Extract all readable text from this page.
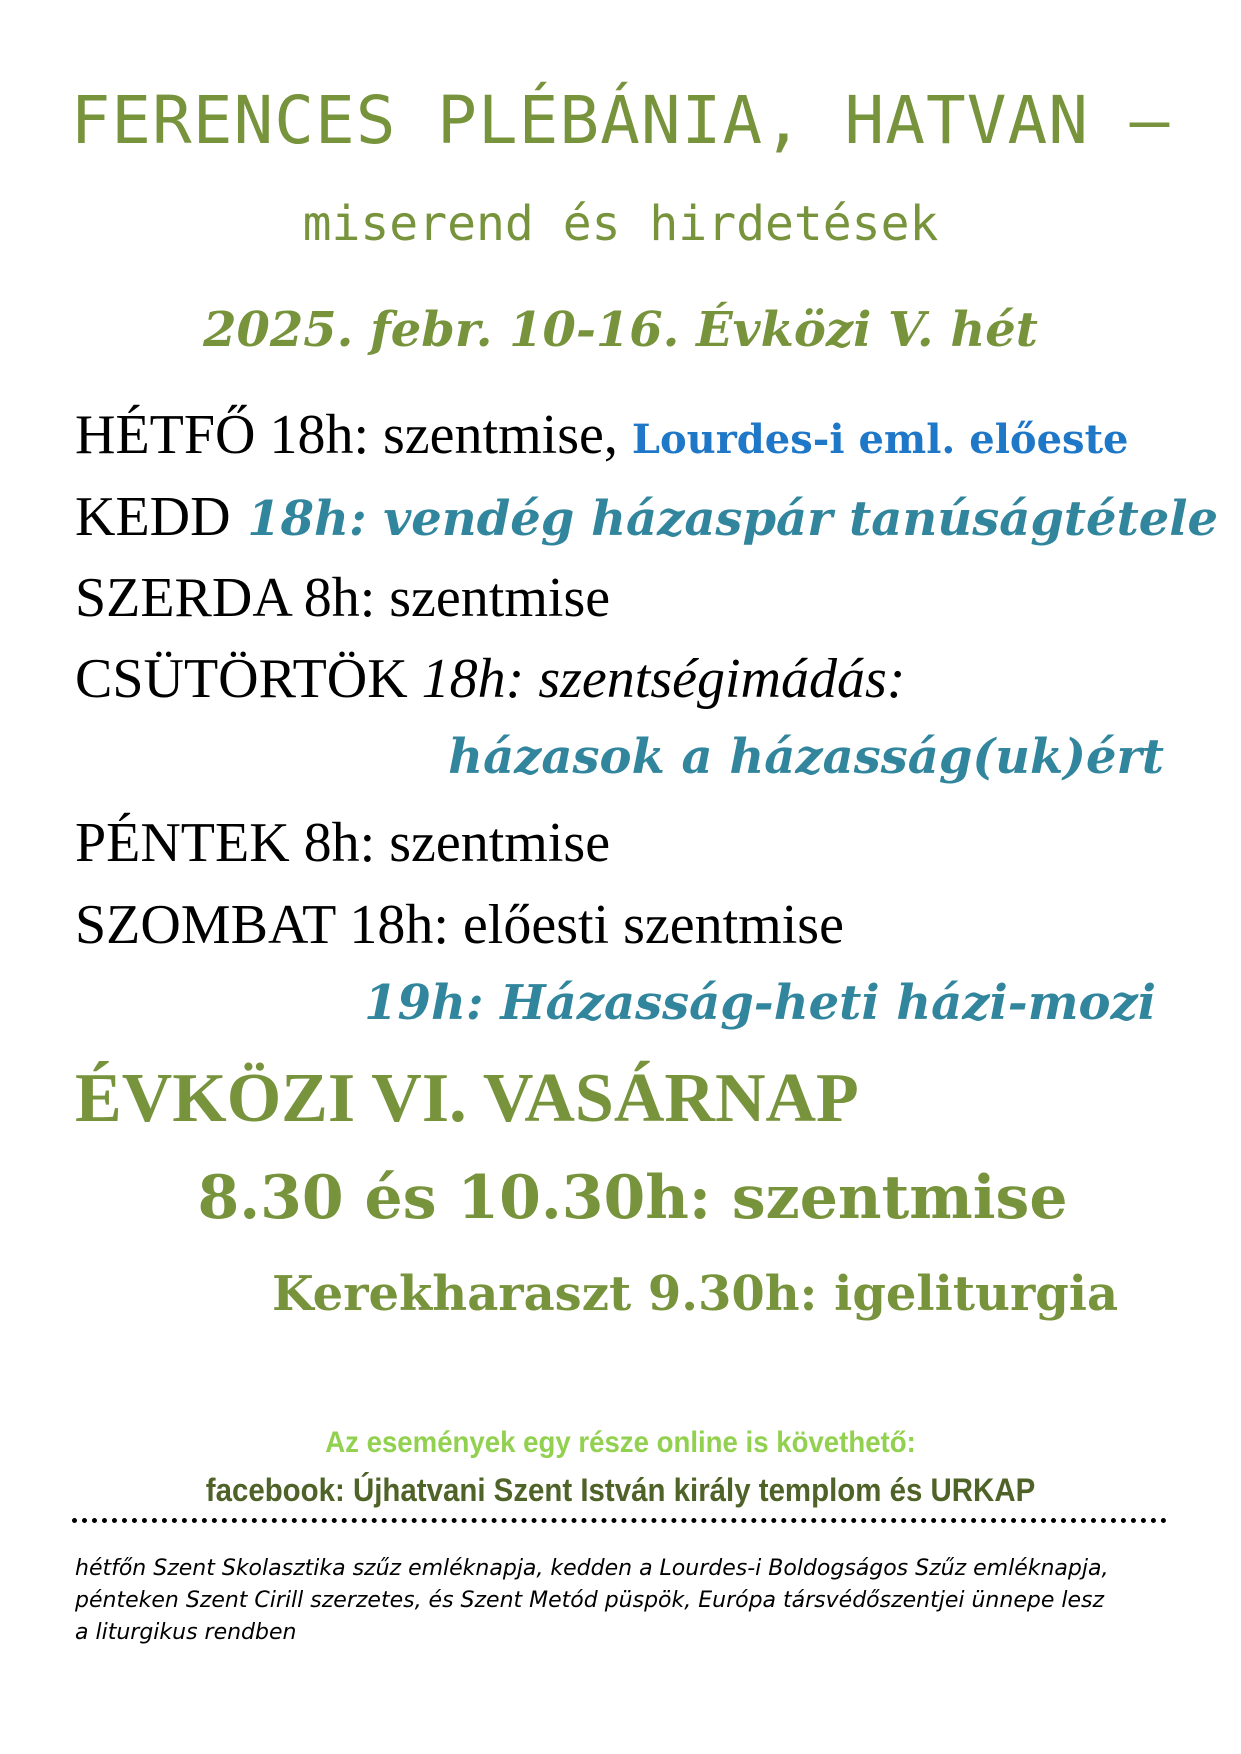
FERENCES PLÉBÁNIA, HATVAN –
miserend és hirdetések
2025. febr. 10-16. Évközi V. hét
HÉTFŐ 18h: szentmise, Lourdes-i eml. előeste
KEDD 18h: vendég házaspár tanúságtétele
SZERDA 8h: szentmise
CSÜTÖRTÖK 18h: szentségimádás:
házasok a házasság(uk)ért
PÉNTEK 8h: szentmise
SZOMBAT 18h: előesti szentmise
19h: Házasság-heti házi-mozi
ÉVKÖZI VI. VASÁRNAP
8.30 és 10.30h: szentmise
Kerekharaszt 9.30h: igeliturgia
Az események egy része online is követhető:
facebook: Újhatvani Szent István király templom és URKAP
hétfőn Szent Skolasztika szűz emléknapja, kedden a Lourdes-i Boldogságos Szűz emléknapja,
pénteken Szent Cirill szerzetes, és Szent Metód püspök, Európa társvédőszentjei ünnepe lesz
a liturgikus rendben
